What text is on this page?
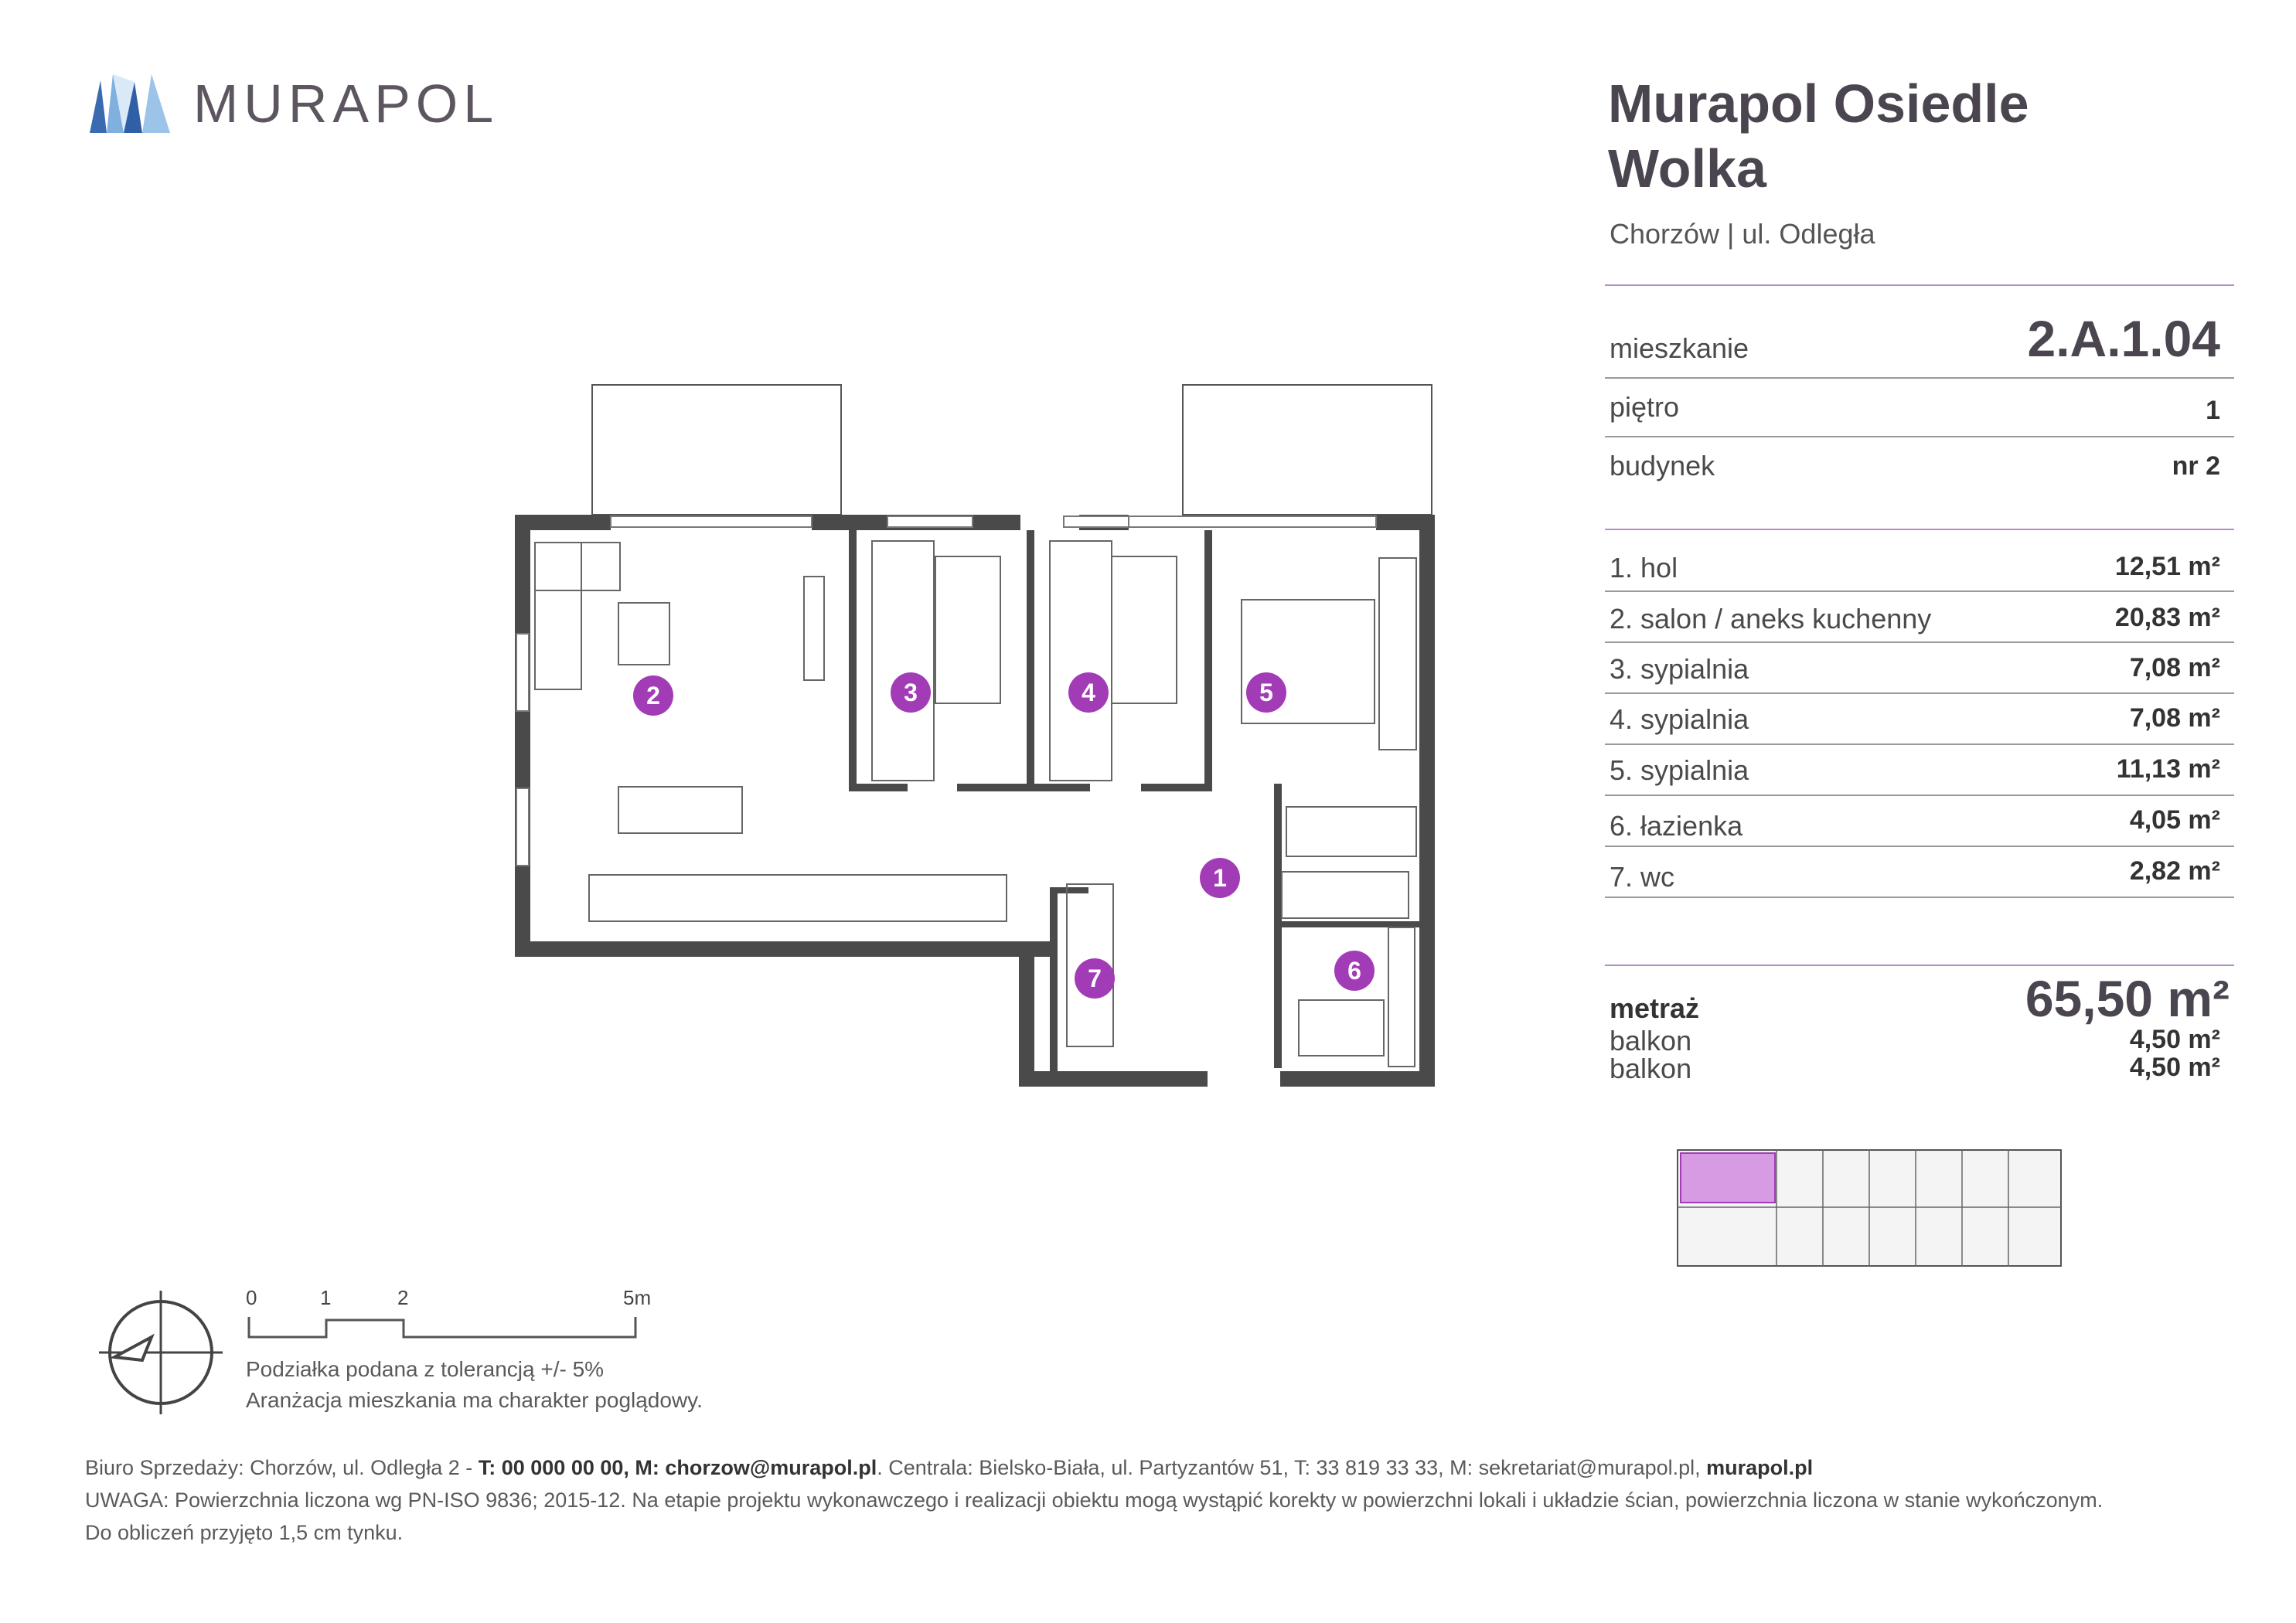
MURAPOL	Murapol Osiedle
Wolka
Chorzów | ul. Odległa
mieszkanie	2.A.1.04
piętro	1
budynek	nr 2
1. hol	12,51 m²
2. salon / aneks kuchenny	20,83 m²
3. sypialnia	7,08 m²
4. sypialnia	7,08 m²
5. sypialnia	11,13 m²
6. łazienka	4,05 m²
7. wc	2,82 m²
metraż	65,50 m²
balkon	4,50 m²
balkon	4,50 m²
2	3	4	5
1
6
7
0	1	2	5m
Podziałka podana z tolerancją +/- 5%
Aranżacja mieszkania ma charakter poglądowy.
Biuro Sprzedaży: Chorzów, ul. Odległa 2 - T: 00 000 00 00, M: chorzow@murapol.pl. Centrala: Bielsko-Biała, ul. Partyzantów 51, T: 33 819 33 33, M: sekretariat@murapol.pl, murapol.pl
UWAGA: Powierzchnia liczona wg PN-ISO 9836; 2015-12. Na etapie projektu wykonawczego i realizacji obiektu mogą wystąpić korekty w powierzchni lokali i układzie ścian, powierzchnia liczona w stanie wykończonym.
Do obliczeń przyjęto 1,5 cm tynku.
